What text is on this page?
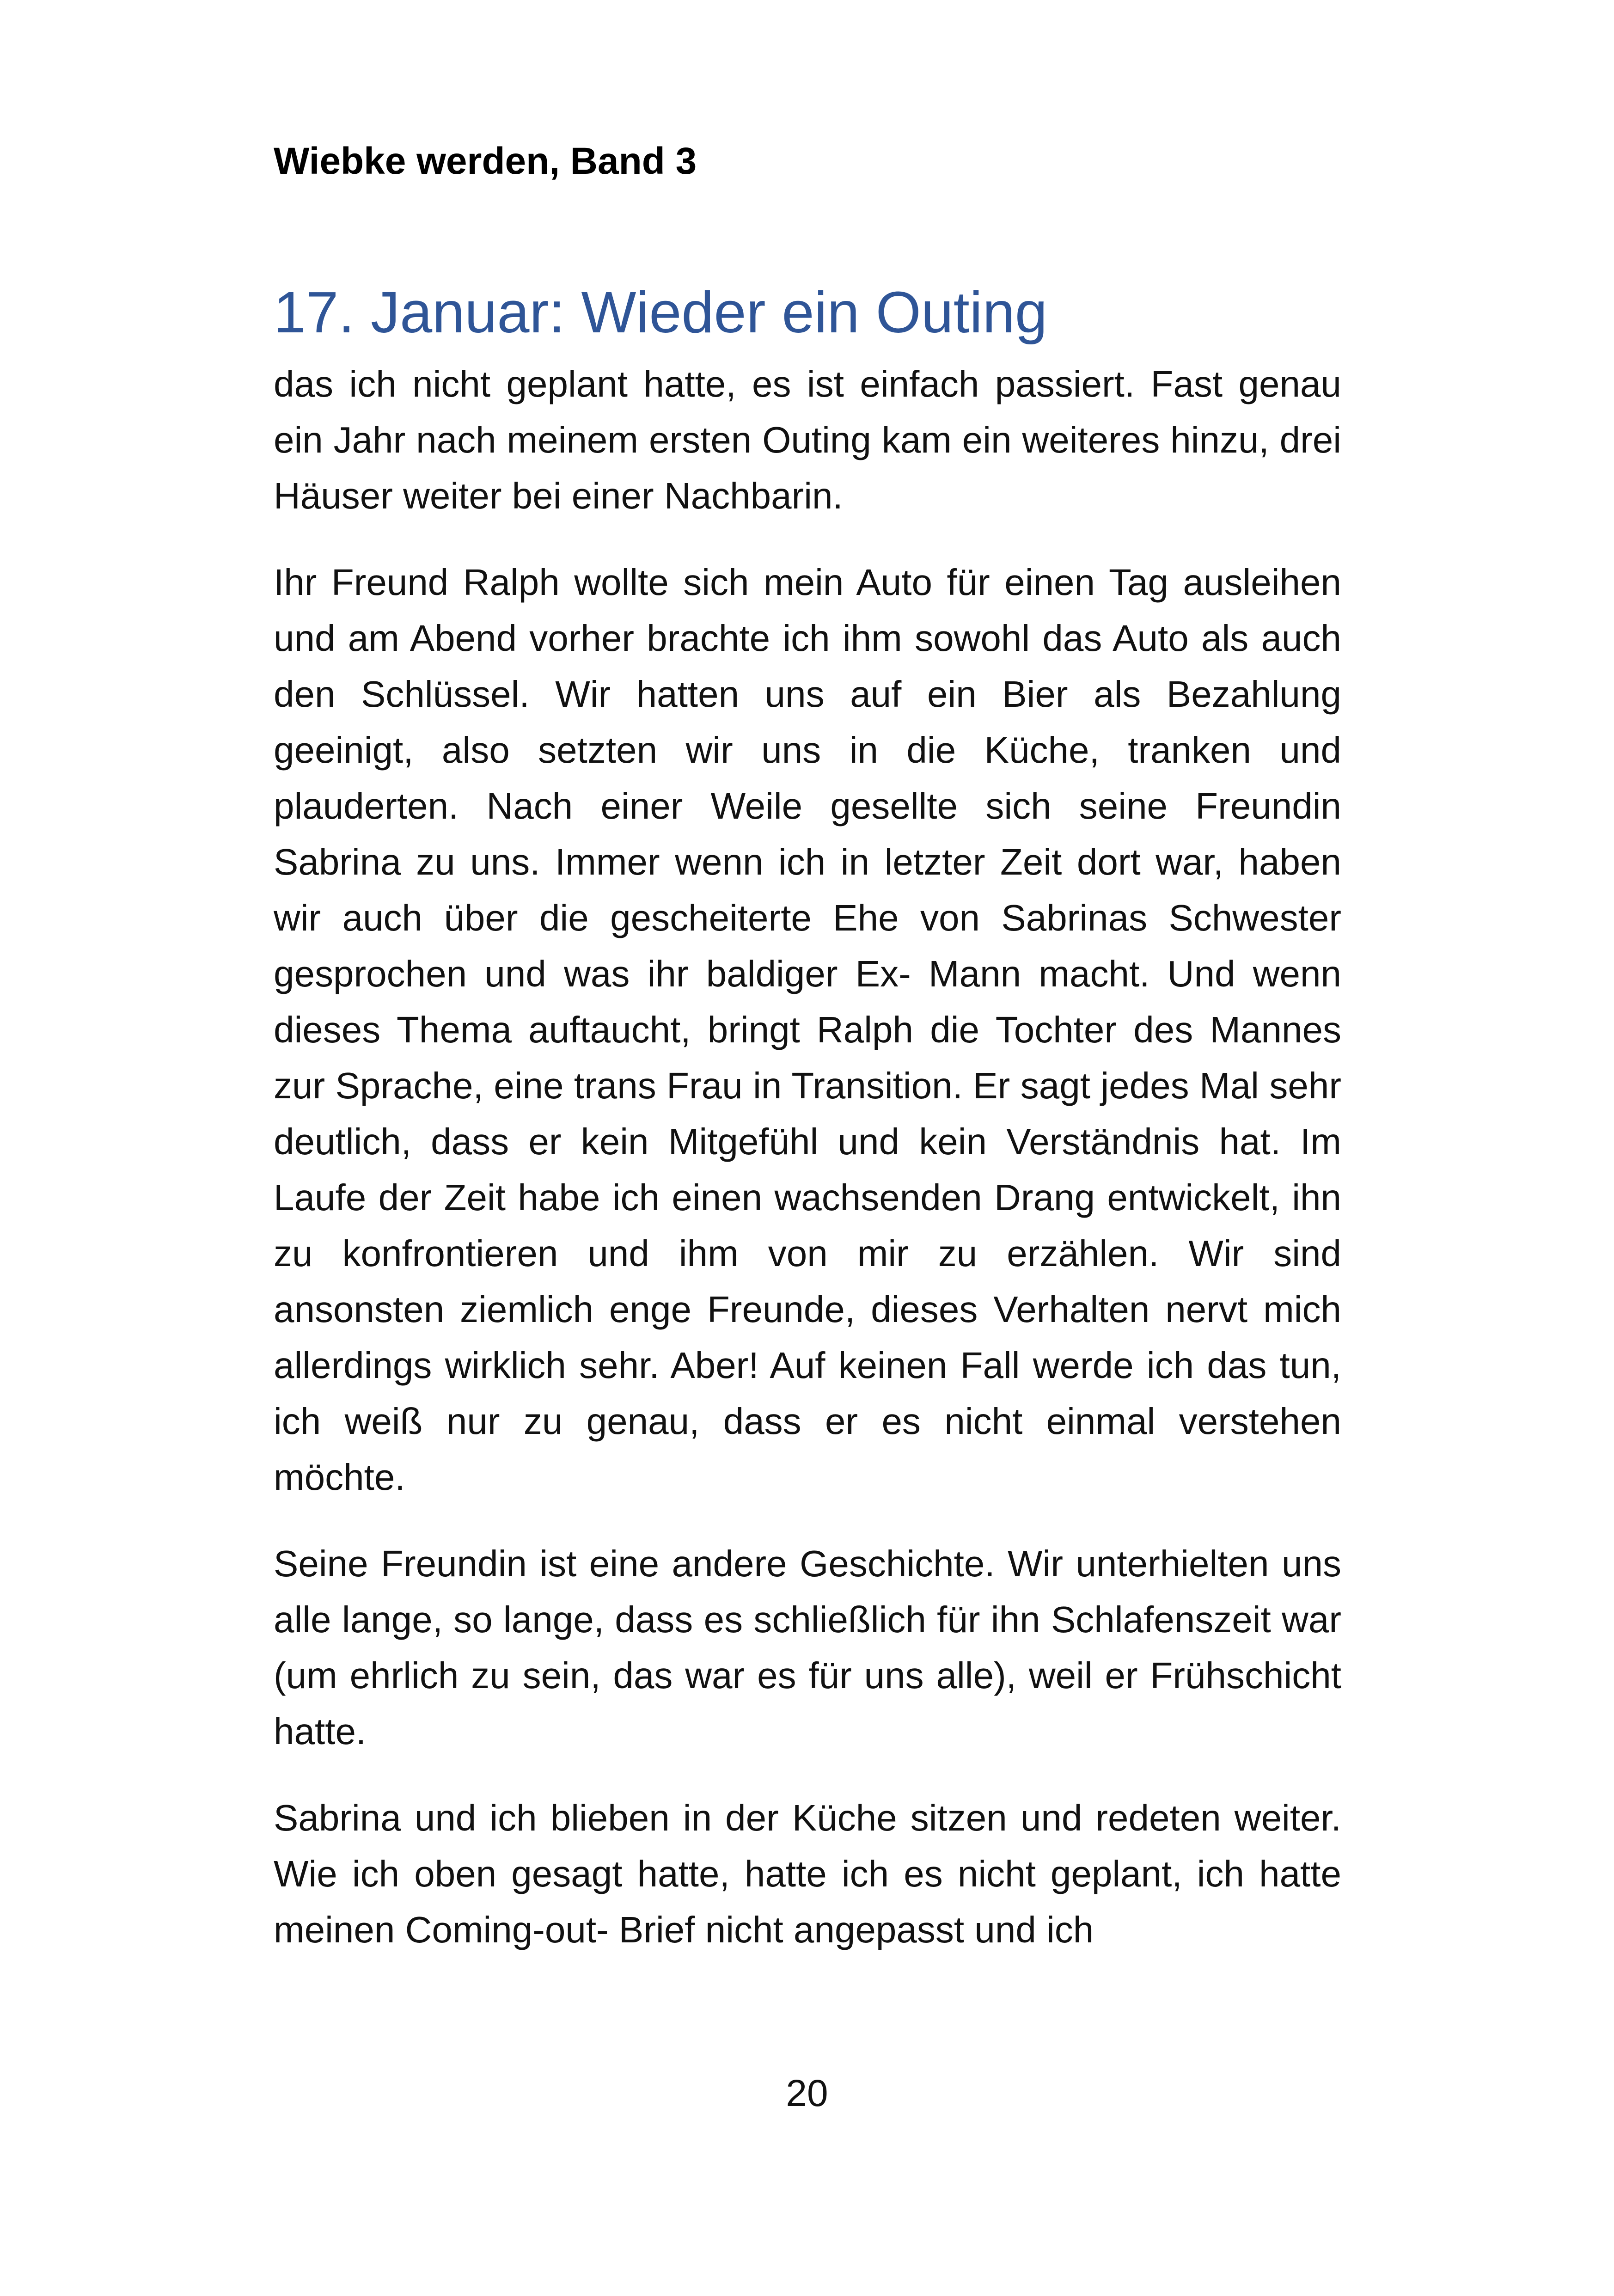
Wiebke werden, Band 3

17. Januar: Wieder ein Outing

das ich nicht geplant hatte, es ist einfach passiert. Fast genau ein Jahr nach meinem ersten Outing kam ein weiteres hinzu, drei Häuser weiter bei einer Nachbarin.

Ihr Freund Ralph wollte sich mein Auto für einen Tag ausleihen und am Abend vorher brachte ich ihm sowohl das Auto als auch den Schlüssel. Wir hatten uns auf ein Bier als Bezahlung geeinigt, also setzten wir uns in die Küche, tranken und plauderten. Nach einer Weile gesellte sich seine Freundin Sabrina zu uns. Immer wenn ich in letzter Zeit dort war, haben wir auch über die gescheiterte Ehe von Sabrinas Schwester gesprochen und was ihr baldiger Ex- Mann macht. Und wenn dieses Thema auftaucht, bringt Ralph die Tochter des Mannes zur Sprache, eine trans Frau in Transition. Er sagt jedes Mal sehr deutlich, dass er kein Mitgefühl und kein Verständnis hat. Im Laufe der Zeit habe ich einen wachsenden Drang entwickelt, ihn zu konfrontieren und ihm von mir zu erzählen. Wir sind ansonsten ziemlich enge Freunde, dieses Verhalten nervt mich allerdings wirklich sehr. Aber! Auf keinen Fall werde ich das tun, ich weiß nur zu genau, dass er es nicht einmal verstehen möchte.

Seine Freundin ist eine andere Geschichte. Wir unterhielten uns alle lange, so lange, dass es schließlich für ihn Schlafenszeit war (um ehrlich zu sein, das war es für uns alle), weil er Frühschicht hatte.

Sabrina und ich blieben in der Küche sitzen und redeten weiter. Wie ich oben gesagt hatte, hatte ich es nicht geplant, ich hatte meinen Coming-out- Brief nicht angepasst und ich

20
